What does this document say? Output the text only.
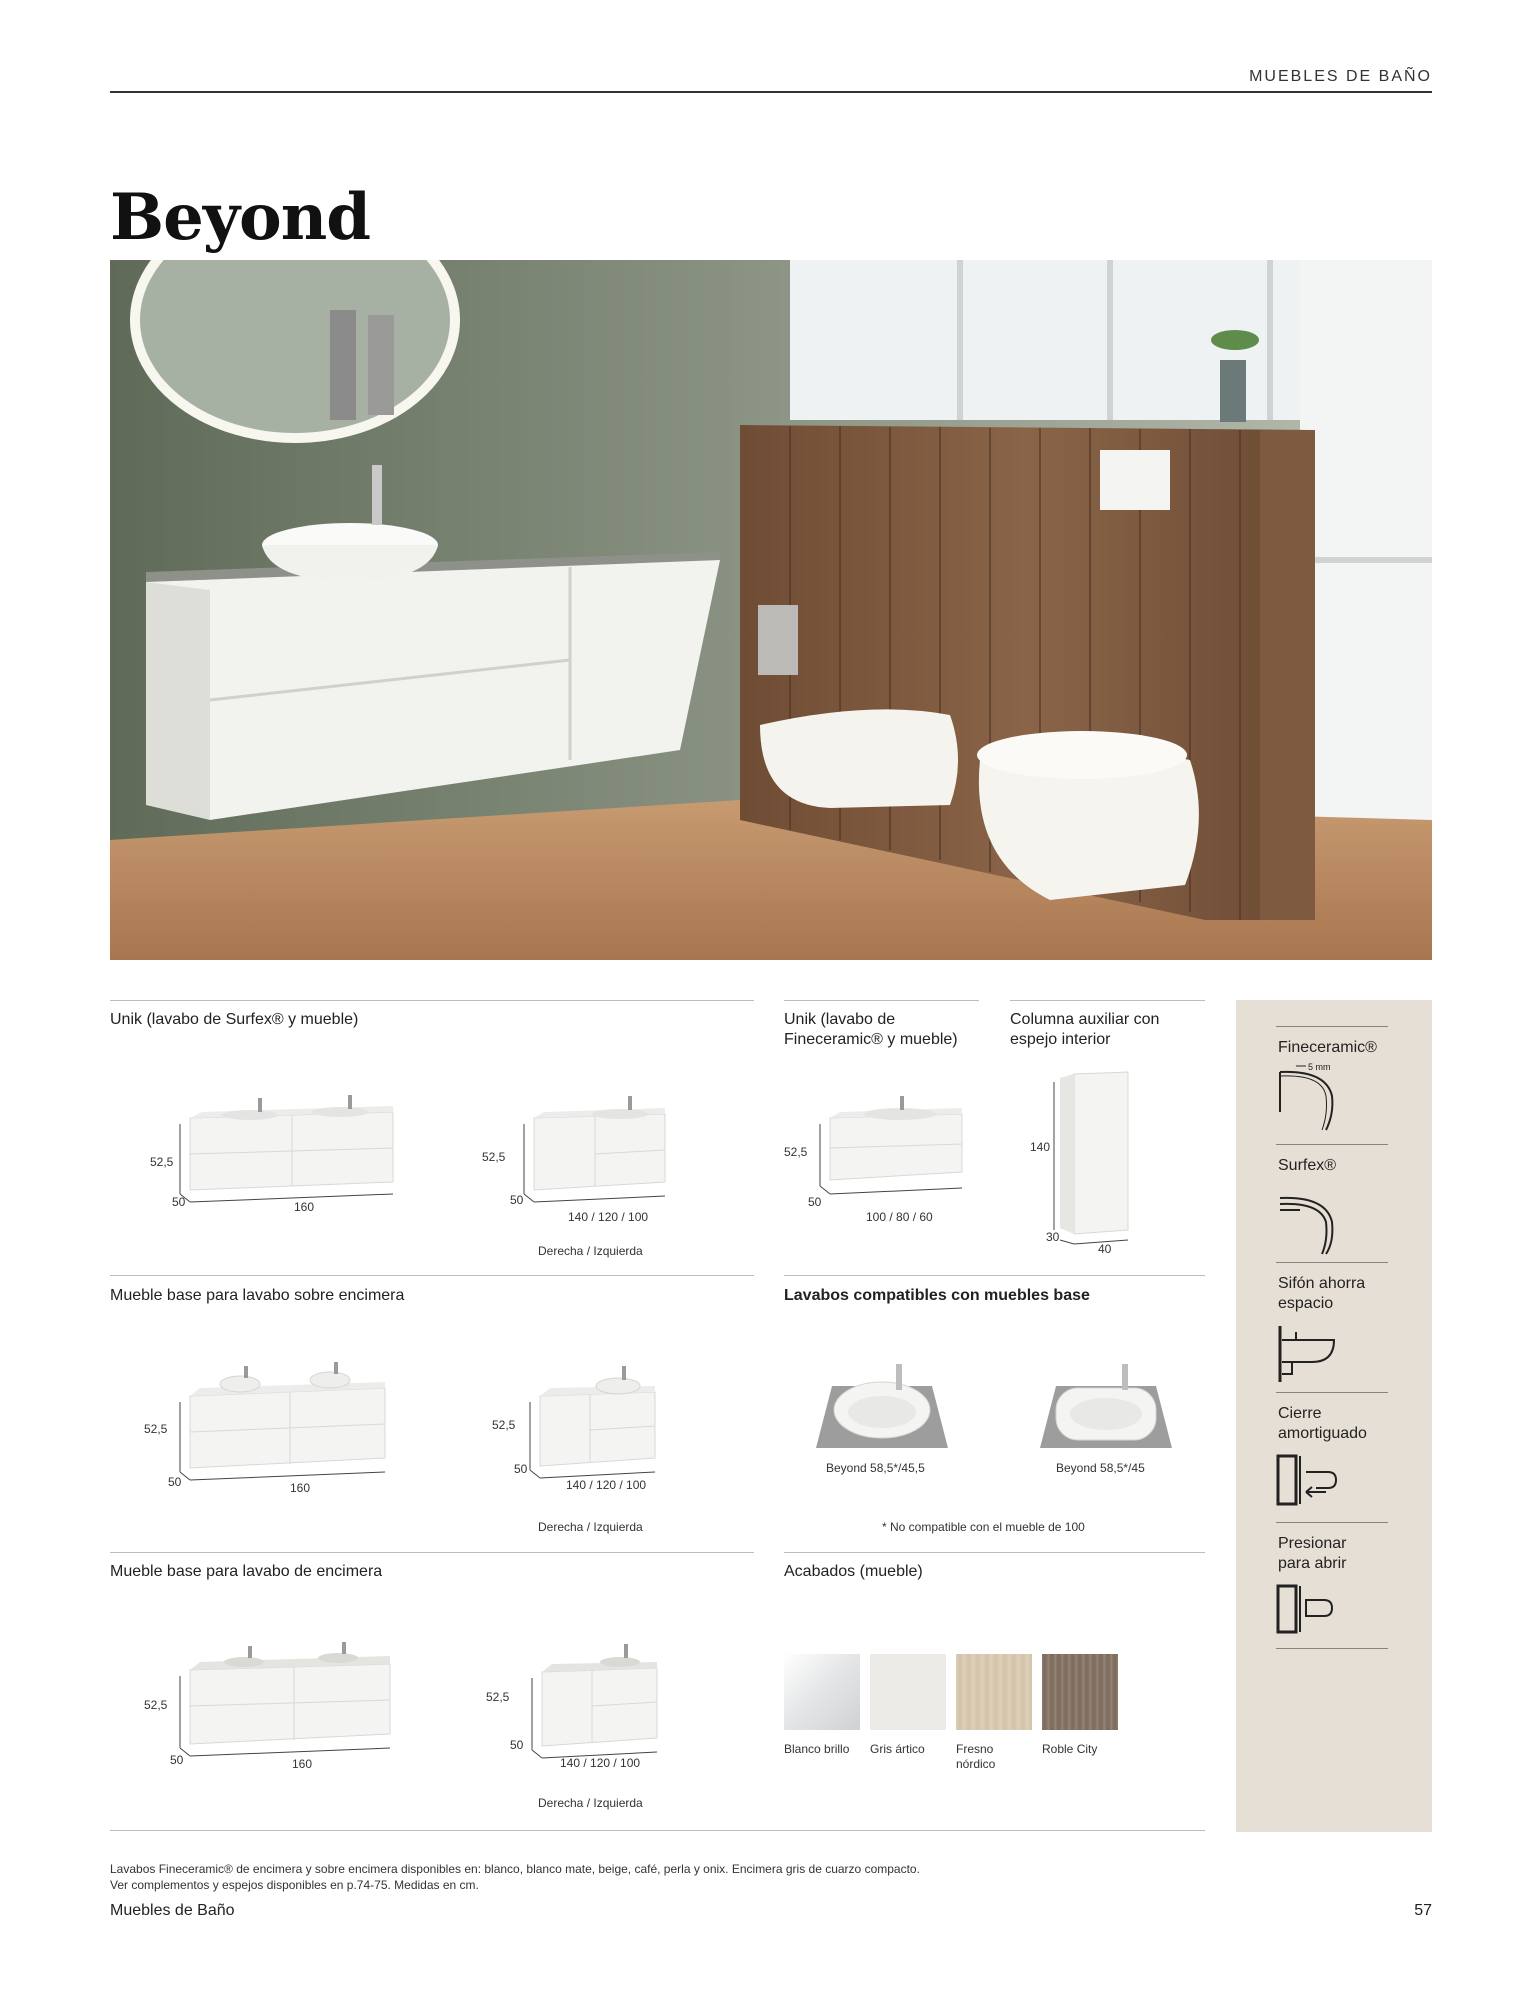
MUEBLES DE BAÑO
Beyond
Unik (lavabo de Surfex® y mueble)
52,5
50	160
52,5
50
140 / 120 / 100
Derecha / Izquierda
Unik (lavabo de
Fineceramic® y mueble)
52,5
50
100 / 80 / 60
Columna auxiliar con
espejo interior
140
30
40
Mueble base para lavabo sobre encimera
52,5
50	160
52,5
50
140 / 120 / 100
Derecha / Izquierda
Lavabos compatibles con muebles base
Beyond 58,5*/45,5	Beyond 58,5*/45
* No compatible con el mueble de 100
Mueble base para lavabo de encimera
52,5
50	160
52,5
50
140 / 120 / 100
Derecha / Izquierda
Acabados (mueble)
Blanco brillo Gris ártico	Fresno
nórdico
Roble City
Fineceramic®
5 mm
Surfex®
Sifón ahorra
espacio
Cierre
amortiguado
Presionar
para abrir
Lavabos Fineceramic® de encimera y sobre encimera disponibles en: blanco, blanco mate, beige, café, perla y onix. Encimera gris de cuarzo compacto.
Ver complementos y espejos disponibles en p.74-75. Medidas en cm.
Muebles de Baño	57
